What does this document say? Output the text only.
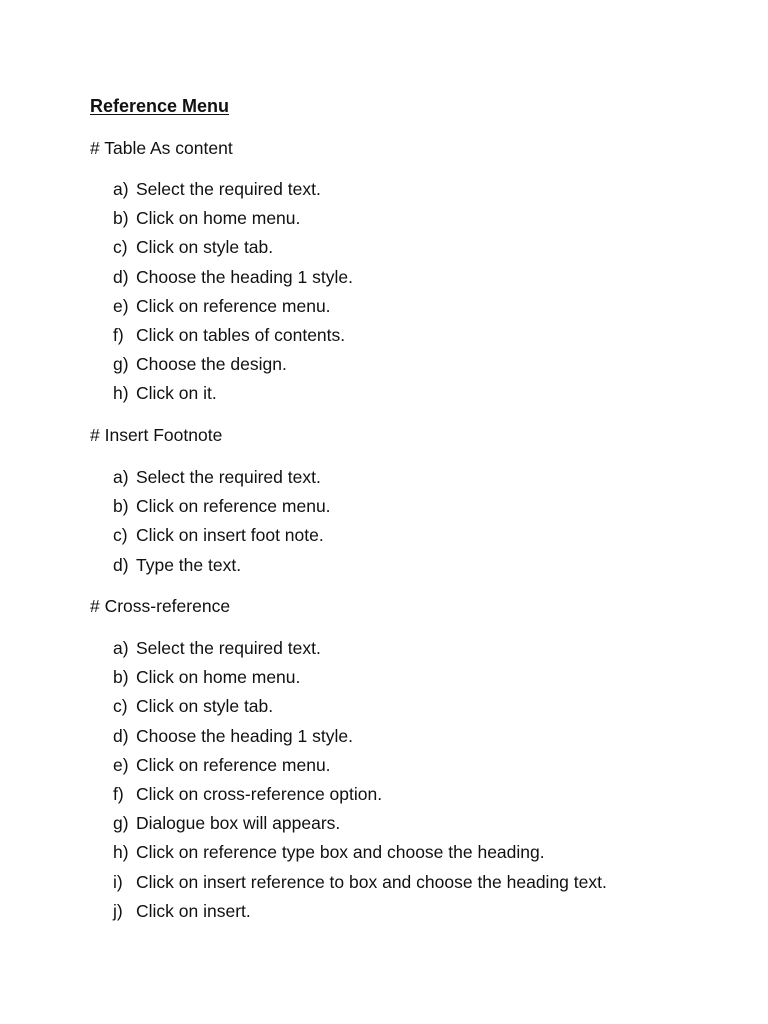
Reference Menu

# Table As content

a) Select the required text.
b) Click on home menu.
c) Click on style tab.
d) Choose the heading 1 style.
e) Click on reference menu.
f) Click on tables of contents.
g) Choose the design.
h) Click on it.

# Insert Footnote

a) Select the required text.
b) Click on reference menu.
c) Click on insert foot note.
d) Type the text.

# Cross-reference

a) Select the required text.
b) Click on home menu.
c) Click on style tab.
d) Choose the heading 1 style.
e) Click on reference menu.
f) Click on cross-reference option.
g) Dialogue box will appears.
h) Click on reference type box and choose the heading.
i) Click on insert reference to box and choose the heading text.
j) Click on insert.
